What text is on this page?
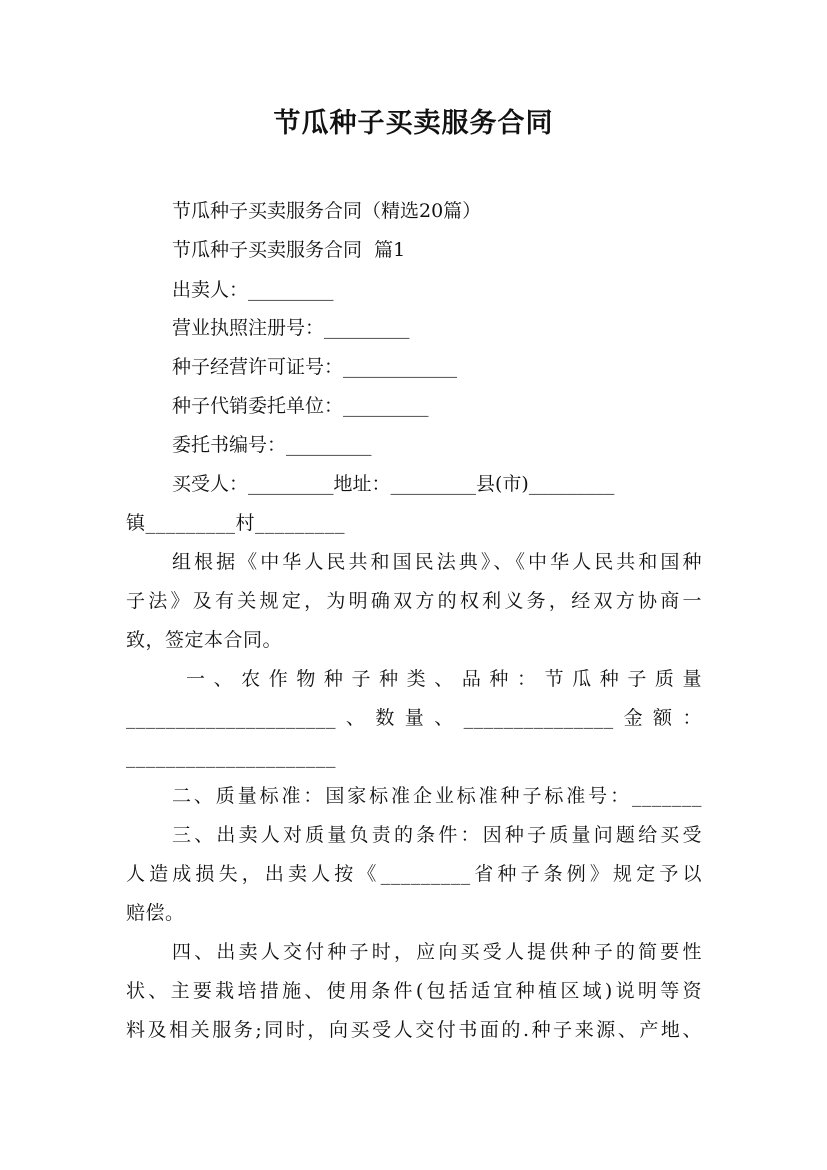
节瓜种子买卖服务合同
节瓜种子买卖服务合同（精选20篇）
节瓜种子买卖服务合同  篇1
出卖人：_________
营业执照注册号：_________
种子经营许可证号：____________
种子代销委托单位：_________
委托书编号：_________
买受人：_________地址：_________县(市)_________
镇_________村_________
组根据《中华人民共和国民法典》、《中华人民共和国种
子法》及有关规定，为明确双方的权利义务，经双方协商一
致，签定本合同。
一、农作物种子种类、品种：节瓜种子质量
_____________________、数量、_______________金额：
_____________________
二、质量标准：国家标准企业标准种子标准号：_______
三、出卖人对质量负责的条件：因种子质量问题给买受
人造成损失，出卖人按《_________省种子条例》规定予以
赔偿。
四、出卖人交付种子时，应向买受人提供种子的简要性
状、主要栽培措施、使用条件(包括适宜种植区域)说明等资
料及相关服务;同时，向买受人交付书面的.种子来源、产地、
